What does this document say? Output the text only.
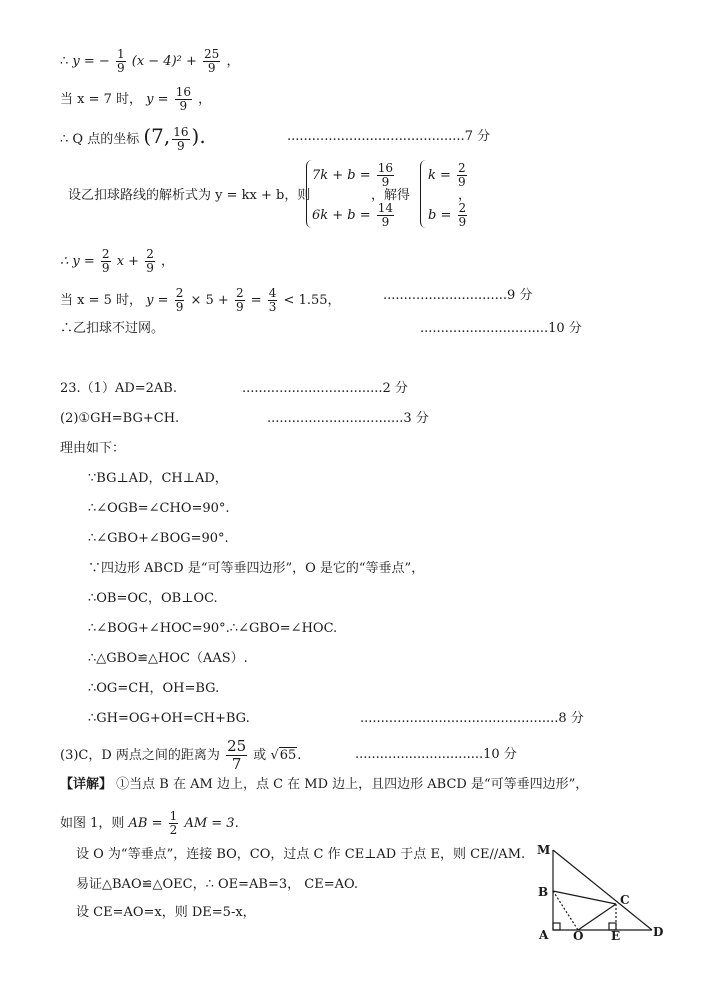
∴ y = − $\frac{1}{9} (x - 4)^2 + \frac{25}{9}$ ，
当 x = 7 时， $y = \frac{16}{9}$ ，
∴ Q 点的坐标 (7, $\frac{16}{9}$ ).	...........................................7 分
设乙扣球路线的解析式为 y = kx + b，则
$7k + b = \frac{16}{9}$
$6k + b = \frac{14}{9}$
，解得
$k = \frac{2}{9}$
$b = \frac{2}{9}$
，
∴ $y = \frac{2}{9}$ $x + \frac{2}{9}$ ，
当 x = 5 时， $y = \frac{2}{9} \times 5 + \frac{2}{9} = \frac{4}{3} < 1.55$，	..............................9 分
∴乙扣球不过网。	...............................10 分
23.（1）AD=2AB.	..................................2 分
(2)①GH=BG+CH.	.................................3 分
理由如下：
∵BG⊥AD，CH⊥AD，
∴∠OGB=∠CHO=90°.
∴∠GBO+∠BOG=90°.
∵四边形 ABCD 是“可等垂四边形”，O 是它的“等垂点”，
∴OB=OC，OB⊥OC.
∴∠BOG+∠HOC=90°.∴∠GBO=∠HOC.
∴△GBO≌△HOC（AAS）.
∴OG=CH，OH=BG.
∴GH=OG+OH=CH+BG.	................................................8 分
(3)C，D 两点之间的距离为 $\frac{25}{7}$ 或 √65.	...............................10 分
【详解】 ①当点 B 在 AM 边上，点 C 在 MD 边上，且四边形 ABCD 是“可等垂四边形”，
如图 1，则 AB = $\frac{1}{2}$ AM = 3.
设 O 为“等垂点”，连接 BO，CO，过点 C 作 CE⊥AD 于点 E，则 CE//AM.
易证△BAO≌△OEC，∴ OE=AB=3， CE=AO.
设 CE=AO=x，则 DE=5-x，
M
B
C
A O E	D
